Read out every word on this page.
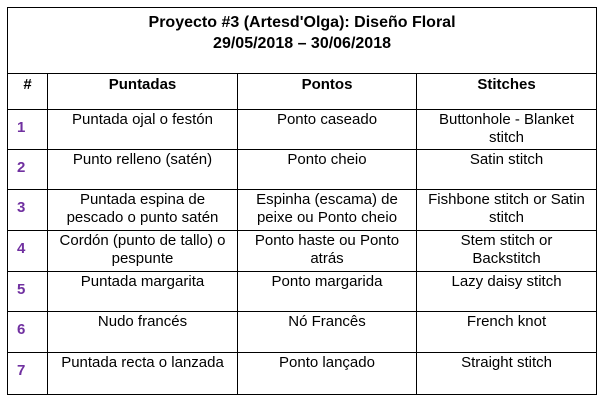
Proyecto #3 (Artesd'Olga): Diseño Floral
29/05/2018 – 30/06/2018			

#	Puntadas	Pontos	Stitches
1	Puntada ojal o festón	Ponto caseado	Buttonhole - Blanket stitch
2	Punto relleno (satén)	Ponto cheio	Satin stitch
3	Puntada espina de pescado o punto satén	Espinha (escama) de peixe ou Ponto cheio	Fishbone stitch or Satin stitch
4	Cordón (punto de tallo) o pespunte	Ponto haste ou Ponto atrás	Stem stitch or Backstitch
5	Puntada margarita	Ponto margarida	Lazy daisy stitch
6	Nudo francés	Nó Francês	French knot
7	Puntada recta o lanzada	Ponto lançado	Straight stitch
